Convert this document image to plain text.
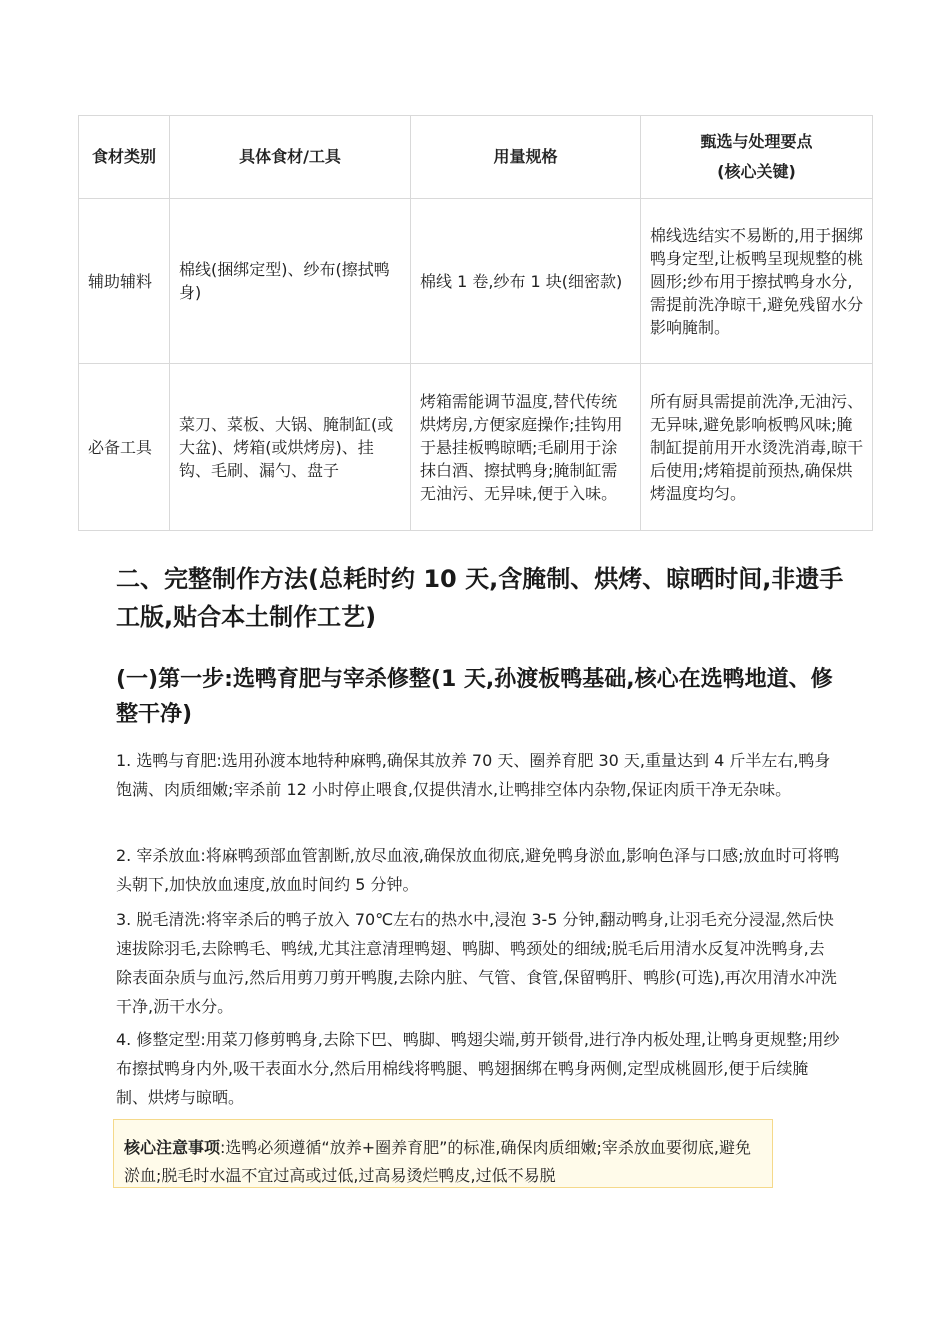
食材类别	具体食材/工具	用量规格	甄选与处理要点
(核心关键)

辅助辅料	棉线(捆绑定型)、纱布(擦拭鸭身)	棉线 1 卷,纱布 1 块(细密款)	棉线选结实不易断的,用于捆绑鸭身定型,让板鸭呈现规整的桃圆形;纱布用于擦拭鸭身水分,需提前洗净晾干,避免残留水分影响腌制。
必备工具	菜刀、菜板、大锅、腌制缸(或大盆)、烤箱(或烘烤房)、挂钩、毛刷、漏勺、盘子	烤箱需能调节温度,替代传统烘烤房,方便家庭操作;挂钩用于悬挂板鸭晾晒;毛刷用于涂抹白酒、擦拭鸭身;腌制缸需无油污、无异味,便于入味。	所有厨具需提前洗净,无油污、无异味,避免影响板鸭风味;腌制缸提前用开水烫洗消毒,晾干后使用;烤箱提前预热,确保烘烤温度均匀。
二、完整制作方法(总耗时约 10 天,含腌制、烘烤、晾晒时间,非遗手工版,贴合本土制作工艺)
(一)第一步:选鸭育肥与宰杀修整(1 天,孙渡板鸭基础,核心在选鸭地道、修整干净)

1. 选鸭与育肥:选用孙渡本地特种麻鸭,确保其放养 70 天、圈养育肥 30 天,重量达到 4 斤半左右,鸭身饱满、肉质细嫩;宰杀前 12 小时停止喂食,仅提供清水,让鸭排空体内杂物,保证肉质干净无杂味。

2. 宰杀放血:将麻鸭颈部血管割断,放尽血液,确保放血彻底,避免鸭身淤血,影响色泽与口感;放血时可将鸭头朝下,加快放血速度,放血时间约 5 分钟。

3. 脱毛清洗:将宰杀后的鸭子放入 70℃左右的热水中,浸泡 3-5 分钟,翻动鸭身,让羽毛充分浸湿,然后快速拔除羽毛,去除鸭毛、鸭绒,尤其注意清理鸭翅、鸭脚、鸭颈处的细绒;脱毛后用清水反复冲洗鸭身,去除表面杂质与血污,然后用剪刀剪开鸭腹,去除内脏、气管、食管,保留鸭肝、鸭胗(可选),再次用清水冲洗干净,沥干水分。

4. 修整定型:用菜刀修剪鸭身,去除下巴、鸭脚、鸭翅尖端,剪开锁骨,进行净内板处理,让鸭身更规整;用纱布擦拭鸭身内外,吸干表面水分,然后用棉线将鸭腿、鸭翅捆绑在鸭身两侧,定型成桃圆形,便于后续腌制、烘烤与晾晒。

核心注意事项:选鸭必须遵循“放养+圈养育肥”的标准,确保肉质细嫩;宰杀放血要彻底,避免淤血;脱毛时水温不宜过高或过低,过高易烫烂鸭皮,过低不易脱
